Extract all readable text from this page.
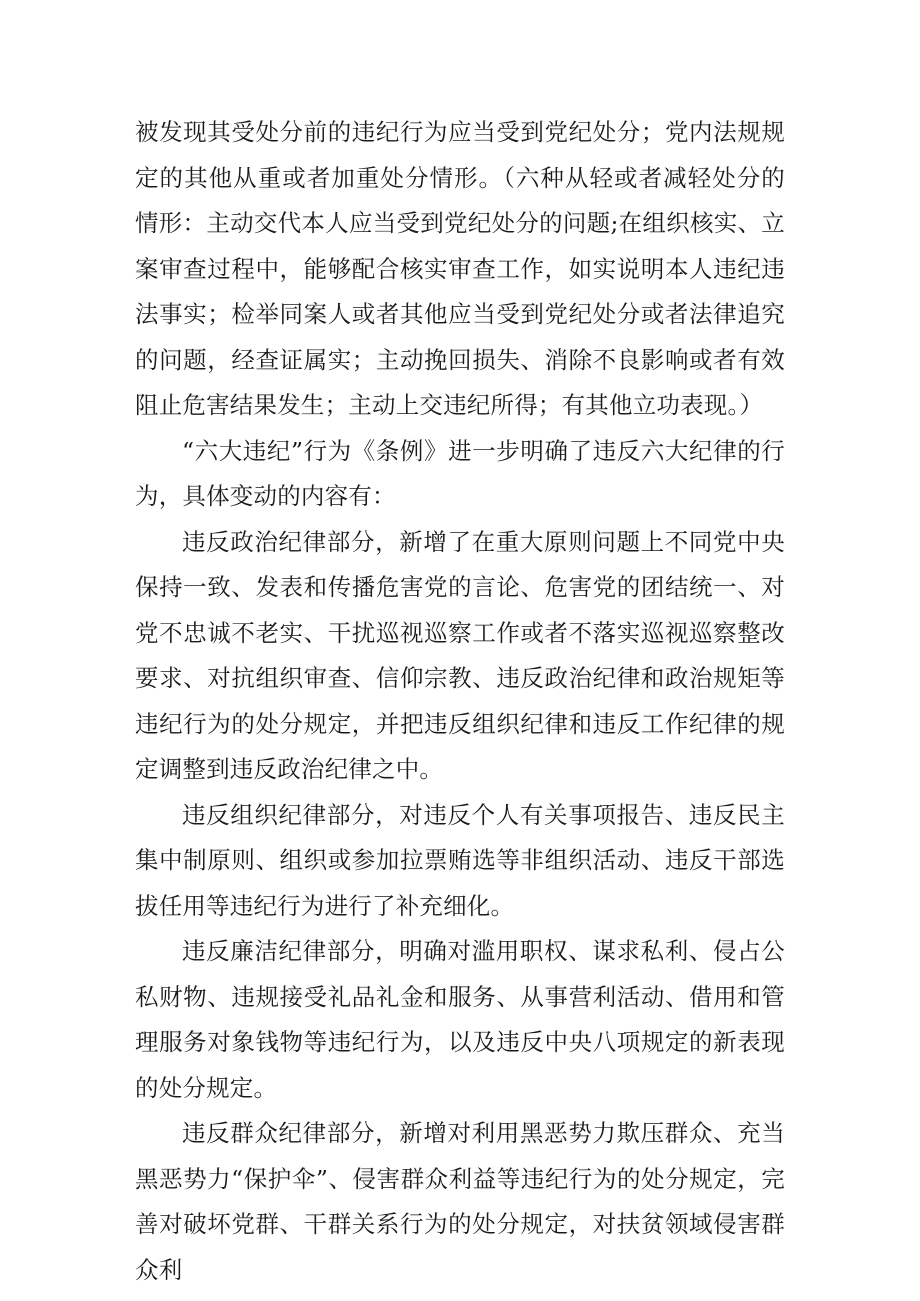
被发现其受处分前的违纪行为应当受到党纪处分；党内法规规定的其他从重或者加重处分情形。（六种从轻或者减轻处分的情形：主动交代本人应当受到党纪处分的问题;在组织核实、立案审查过程中，能够配合核实审查工作，如实说明本人违纪违法事实；检举同案人或者其他应当受到党纪处分或者法律追究的问题，经查证属实；主动挽回损失、消除不良影响或者有效阻止危害结果发生；主动上交违纪所得；有其他立功表现。）

“六大违纪”行为《条例》进一步明确了违反六大纪律的行为，具体变动的内容有：

违反政治纪律部分，新增了在重大原则问题上不同党中央保持一致、发表和传播危害党的言论、危害党的团结统一、对党不忠诚不老实、干扰巡视巡察工作或者不落实巡视巡察整改要求、对抗组织审查、信仰宗教、违反政治纪律和政治规矩等违纪行为的处分规定，并把违反组织纪律和违反工作纪律的规定调整到违反政治纪律之中。

违反组织纪律部分，对违反个人有关事项报告、违反民主集中制原则、组织或参加拉票贿选等非组织活动、违反干部选拔任用等违纪行为进行了补充细化。

违反廉洁纪律部分，明确对滥用职权、谋求私利、侵占公私财物、违规接受礼品礼金和服务、从事营利活动、借用和管理服务对象钱物等违纪行为，以及违反中央八项规定的新表现的处分规定。

违反群众纪律部分，新增对利用黑恶势力欺压群众、充当黑恶势力“保护伞”、侵害群众利益等违纪行为的处分规定，完善对破坏党群、干群关系行为的处分规定，对扶贫领域侵害群众利
